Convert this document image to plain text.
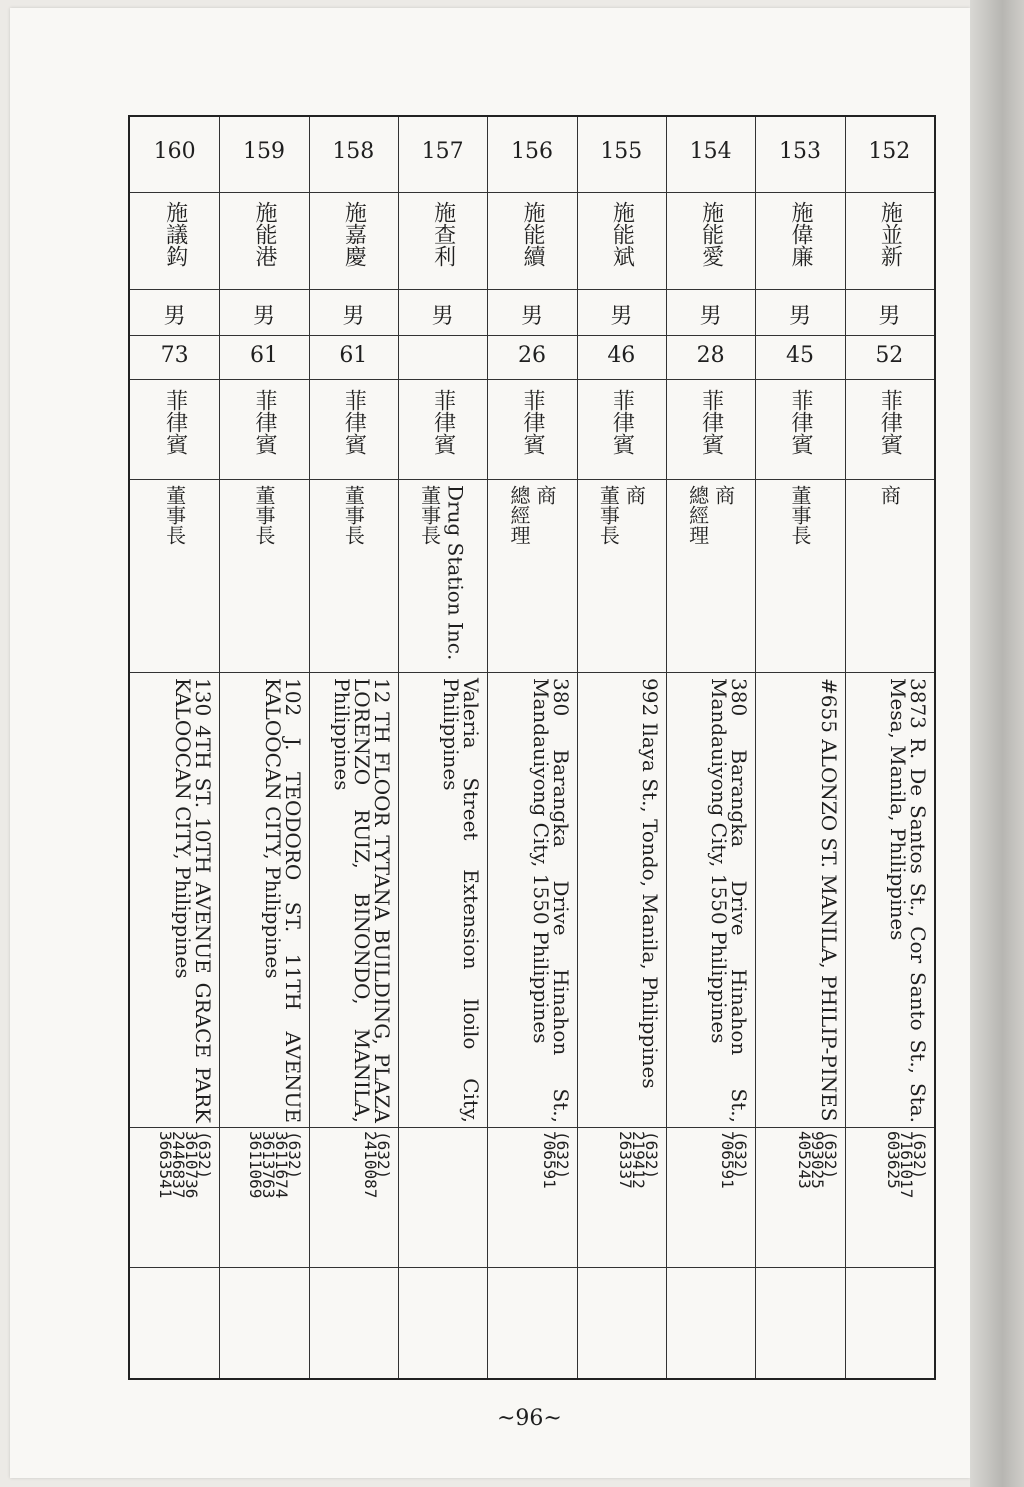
152
施並新
男
52
菲律賓
商
3873 R. De Santos St., Cor Santo St., Sta. Mesa, Manila, Philippines
(632)
7161017
603625
153
施偉廉
男
45
菲律賓
董事長
#655 ALONZO ST. MANILA, PHILIP-PINES
(632)
993025
405243
154
施能愛
男
28
菲律賓
商
總經理
380 Barangka Drive Hinahon St., Mandauiyong City, 1550 Philippines
(632)
706591
155
施能斌
男
46
菲律賓
商
董事長
992 Ilaya St., Tondo, Manila, Philippines
(632)
219412
263337
156
施能續
男
26
菲律賓
商
總經理
380 Barangka Drive Hinahon St., Mandauiyong City, 1550 Philippines
(632)
706591
157
施查利
男
菲律賓
Drug Station Inc.
董事長
Valeria Street Extension Iloilo City, Philippines
158
施嘉慶
男
61
菲律賓
董事長
12 TH FLOOR TYTANA BUILDING, PLAZA LORENZO RUIZ, BINONDO, MANILA, Philippines
(632)
2410087
159
施能港
男
61
菲律賓
董事長
102 J. TEODORO ST. 11TH AVENUE KALOOCAN CITY, Philippines
(632)
3611674
3613763
3611069
160
施議鈎
男
73
菲律賓
董事長
130 4TH ST. 10TH AVENUE GRACE PARK KALOOCAN CITY, Philippines
(632)
3610736
2446837
3663541
~96~
